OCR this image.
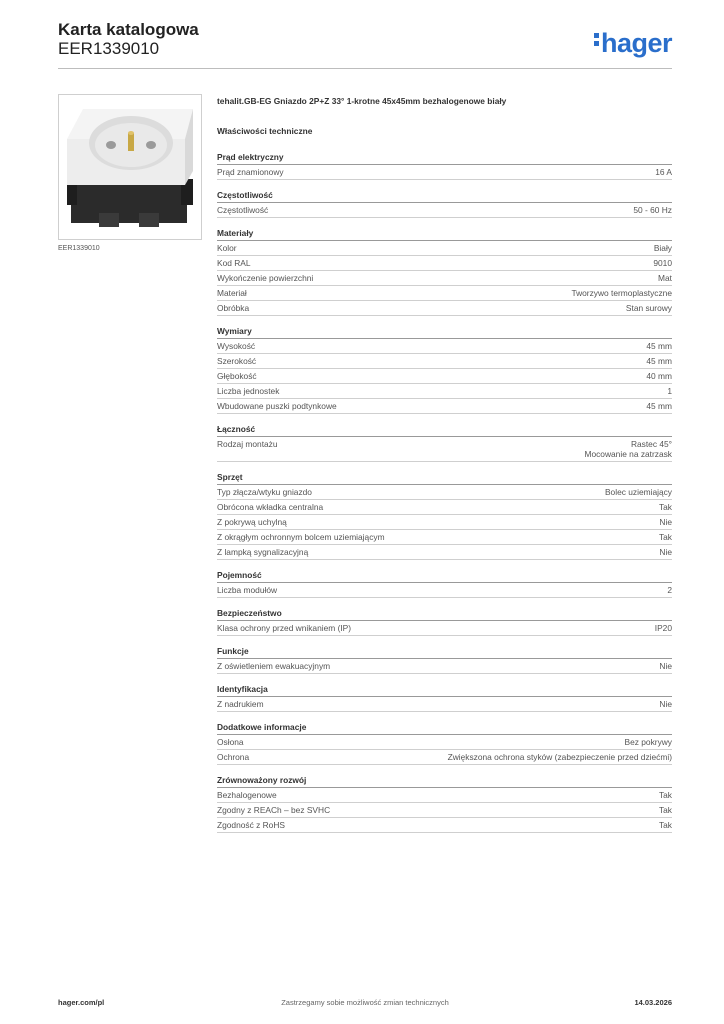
Karta katalogowa
EER1339010	hager
EER1339010
tehalit.GB-EG Gniazdo 2P+Z 33° 1-krotne 45x45mm bezhalogenowe biały
Właściwości techniczne
Prąd elektryczny
Prąd znamionowy	16 A
Częstotliwość
Częstotliwość	50 - 60 Hz
Materiały
Kolor	Biały
Kod RAL	9010
Wykończenie powierzchni	Mat
Materiał	Tworzywo termoplastyczne
Obróbka	Stan surowy
Wymiary
Wysokość	45 mm
Szerokość	45 mm
Głębokość	40 mm
Liczba jednostek	1
Wbudowane puszki podtynkowe	45 mm
Łączność
Rodzaj montażu	Rastec 45°
Mocowanie na zatrzask
Sprzęt
Typ złącza/wtyku gniazdo	Bolec uziemiający
Obrócona wkładka centralna	Tak
Z pokrywą uchylną	Nie
Z okrągłym ochronnym bolcem uziemiającym	Tak
Z lampką sygnalizacyjną	Nie
Pojemność
Liczba modułów	2
Bezpieczeństwo
Klasa ochrony przed wnikaniem (IP)	IP20
Funkcje
Z oświetleniem ewakuacyjnym	Nie
Identyfikacja
Z nadrukiem	Nie
Dodatkowe informacje
Osłona	Bez pokrywy
Ochrona	Zwiększona ochrona styków (zabezpieczenie przed dziećmi)
Zrównoważony rozwój
Bezhalogenowe	Tak
Zgodny z REACh – bez SVHC	Tak
Zgodność z RoHS	Tak
hager.com/pl	Zastrzegamy sobie możliwość zmian technicznych	14.03.2026
